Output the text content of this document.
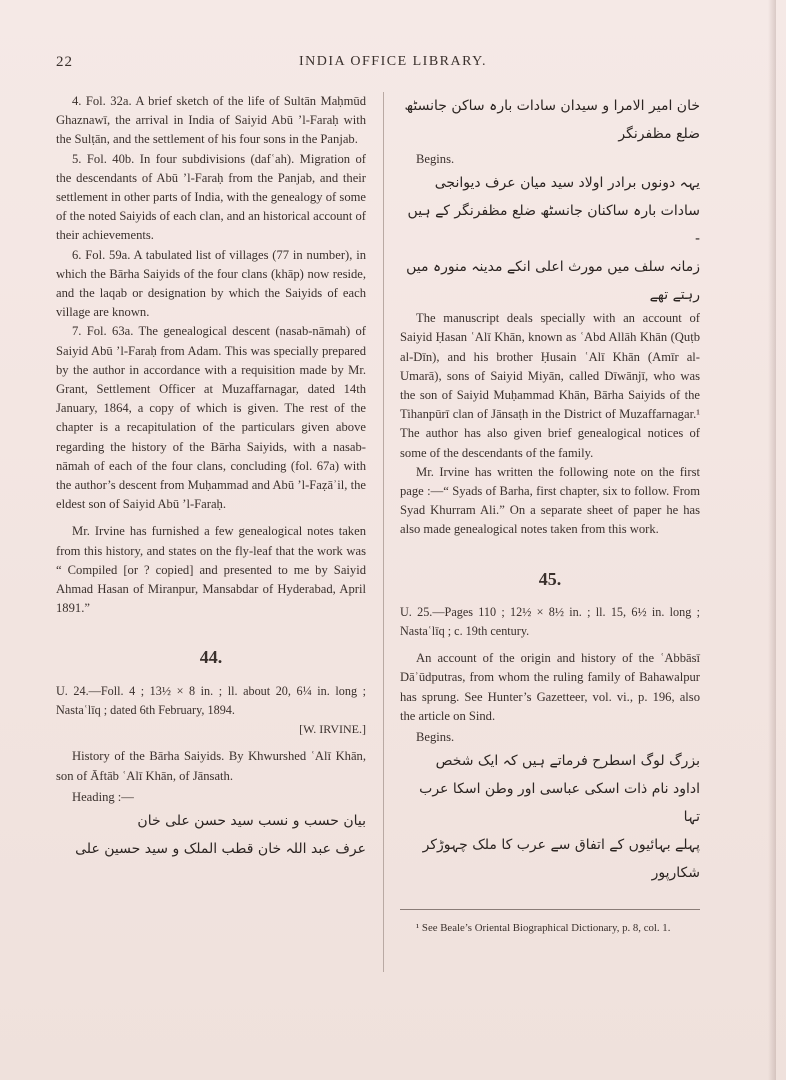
22	INDIA OFFICE LIBRARY.

4. Fol. 32a. A brief sketch of the life of Sultān Maḥmūd Ghaznawī, the arrival in India of Saiyid Abū ’l-Faraḥ with the Sulṭān, and the settlement of his four sons in the Panjab.

5. Fol. 40b. In four subdivisions (dafʿah). Migration of the descendants of Abū ’l-Faraḥ from the Panjab, and their settlement in other parts of India, with the genealogy of some of the noted Saiyids of each clan, and an historical account of their achievements.

6. Fol. 59a. A tabulated list of villages (77 in number), in which the Bārha Saiyids of the four clans (khāp) now reside, and the laqab or designation by which the Saiyids of each village are known.

7. Fol. 63a. The genealogical descent (nasab-nāmah) of Saiyid Abū ’l-Faraḥ from Adam. This was specially prepared by the author in accordance with a requisition made by Mr. Grant, Settlement Officer at Muzaffarnagar, dated 14th January, 1864, a copy of which is given. The rest of the chapter is a recapitulation of the particulars given above regarding the history of the Bārha Saiyids, with a nasab-nāmah of each of the four clans, concluding (fol. 67a) with the author’s descent from Muḥammad and Abū ’l-Faẓāʾil, the eldest son of Saiyid Abū ’l-Faraḥ.

Mr. Irvine has furnished a few genealogical notes taken from this history, and states on the fly-leaf that the work was “ Compiled [or ? copied] and presented to me by Saiyid Ahmad Hasan of Miranpur, Mansabdar of Hyderabad, April 1891.”

44.

U. 24.—Foll. 4 ; 13½ × 8 in. ; ll. about 20, 6¼ in. long ; Nastaʿlīq ; dated 6th February, 1894.

[W. IRVINE.]

History of the Bārha Saiyids. By Khwurshed ʿAlī Khān, son of Āftāb ʿAlī Khān, of Jānsath.

Heading :—

بیان حسب و نسب سید حسن علی خان

عرف عبد اللہ خان قطب الملک و سید حسین علی

خان امیر الامرا و سیدان سادات بارہ ساکن جانسٹھ

ضلع مظفرنگر

Begins.

یہہ دونوں برادر اولاد سید میان عرف دیوانجی

سادات بارہ ساکنان جانسٹھ ضلع مظفرنگر کے ہیں -

زمانہ سلف میں مورث اعلی انکے مدینہ منورہ میں

رہتے تھے

The manuscript deals specially with an account of Saiyid Ḥasan ʿAlī Khān, known as ʿAbd Allāh Khān (Quṭb al-Dīn), and his brother Ḥusain ʿAlī Khān (Amīr al-Umarā), sons of Saiyid Miyān, called Dīwānjī, who was the son of Saiyid Muḥammad Khān, Bārha Saiyids of the Tihanpūrī clan of Jānsaṭh in the District of Muzaffarnagar.¹ The author has also given brief genealogical notices of some of the descendants of the family.

Mr. Irvine has written the following note on the first page :—“ Syads of Barha, first chapter, six to follow. From Syad Khurram Ali.” On a separate sheet of paper he has also made genealogical notes taken from this work.

45.

U. 25.—Pages 110 ; 12½ × 8½ in. ; ll. 15, 6½ in. long ; Nastaʿlīq ; c. 19th century.

An account of the origin and history of the ʿAbbāsī Dāʾūdputras, from whom the ruling family of Bahawalpur has sprung. See Hunter’s Gazetteer, vol. vi., p. 196, also the article on Sind.

Begins.

بزرگ لوگ اسطرح فرماتے ہیں کہ ایک شخص

اداود نام ذات اسکی عباسی اور وطن اسکا عرب تہا

پہلے بہائیوں کے اتفاق سے عرب کا ملک چہوڑکر شکارپور

¹ See Beale’s Oriental Biographical Dictionary, p. 8, col. 1.
